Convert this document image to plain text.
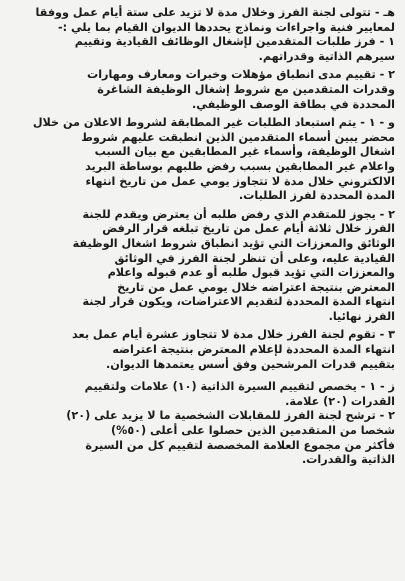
هـ - تتولى لجنة الفرز وخلال مدة لا تزيد على ستة أيام عمل ووفقا
لمعايير فنية واجراءات ونماذج يحددها الديوان القيام بما يلي :-
١ - فرز طلبات المتقدمين لإشغال الوظائف القيادية وتقييم
سيرهم الذاتية وقدراتهم.
٢ - تقييم مدى انطباق مؤهلات وخبرات ومعارف ومهارات
وقدرات المتقدمين مع شروط إشغال الوظيفة الشاغرة
المحددة في بطاقة الوصف الوظيفي.
و - ١ - يتم استبعاد الطلبات غير المطابقة لشروط الاعلان من خلال
محضر يبين أسماء المتقدمين الذين انطبقت عليهم شروط
اشغال الوظيفة، وأسماء غير المطابقين مع بيان السبب
واعلام غير المطابقين بسبب رفض طلبهم بوساطة البريد
الالكتروني خلال مدة لا تتجاوز يومي عمل من تاريخ انتهاء
المدة المحددة لفرز الطلبات.
٢ - يجوز للمتقدم الذي رفض طلبه أن يعترض ويقدم للجنة
الفرز خلال ثلاثة أيام عمل من تاريخ تبلغه قرار الرفض
الوثائق والمعززات التي تؤيد انطباق شروط اشغال الوظيفة
القيادية عليه، وعلى أن تنظر لجنة الفرز في الوثائق
والمعززات التي تؤيد قبول طلبه أو عدم قبوله واعلام
المعترض بنتيجة اعتراضه خلال يومي عمل من تاريخ
انتهاء المدة المحددة لتقديم الاعتراضات، ويكون قرار لجنة
الفرز نهائيا.
٣ - تقوم لجنة الفرز خلال مدة لا تتجاوز عشرة أيام عمل بعد
انتهاء المدة المحددة لإعلام المعترض بنتيجة اعتراضه
بتقييم قدرات المرشحين وفق أسس يعتمدها الديوان.
ز - ١ - يخصص لتقييم السيرة الذاتية (١٠) علامات ولتقييم
القدرات (٢٠) علامة.
٢ - ترشح لجنة الفرز للمقابلات الشخصية ما لا يزيد على (٢٠)
شخصا من المتقدمين الذين حصلوا على أعلى (٥٠%)
فأكثر من مجموع العلامة المخصصة لتقييم كل من السيرة
الذاتية والقدرات.
